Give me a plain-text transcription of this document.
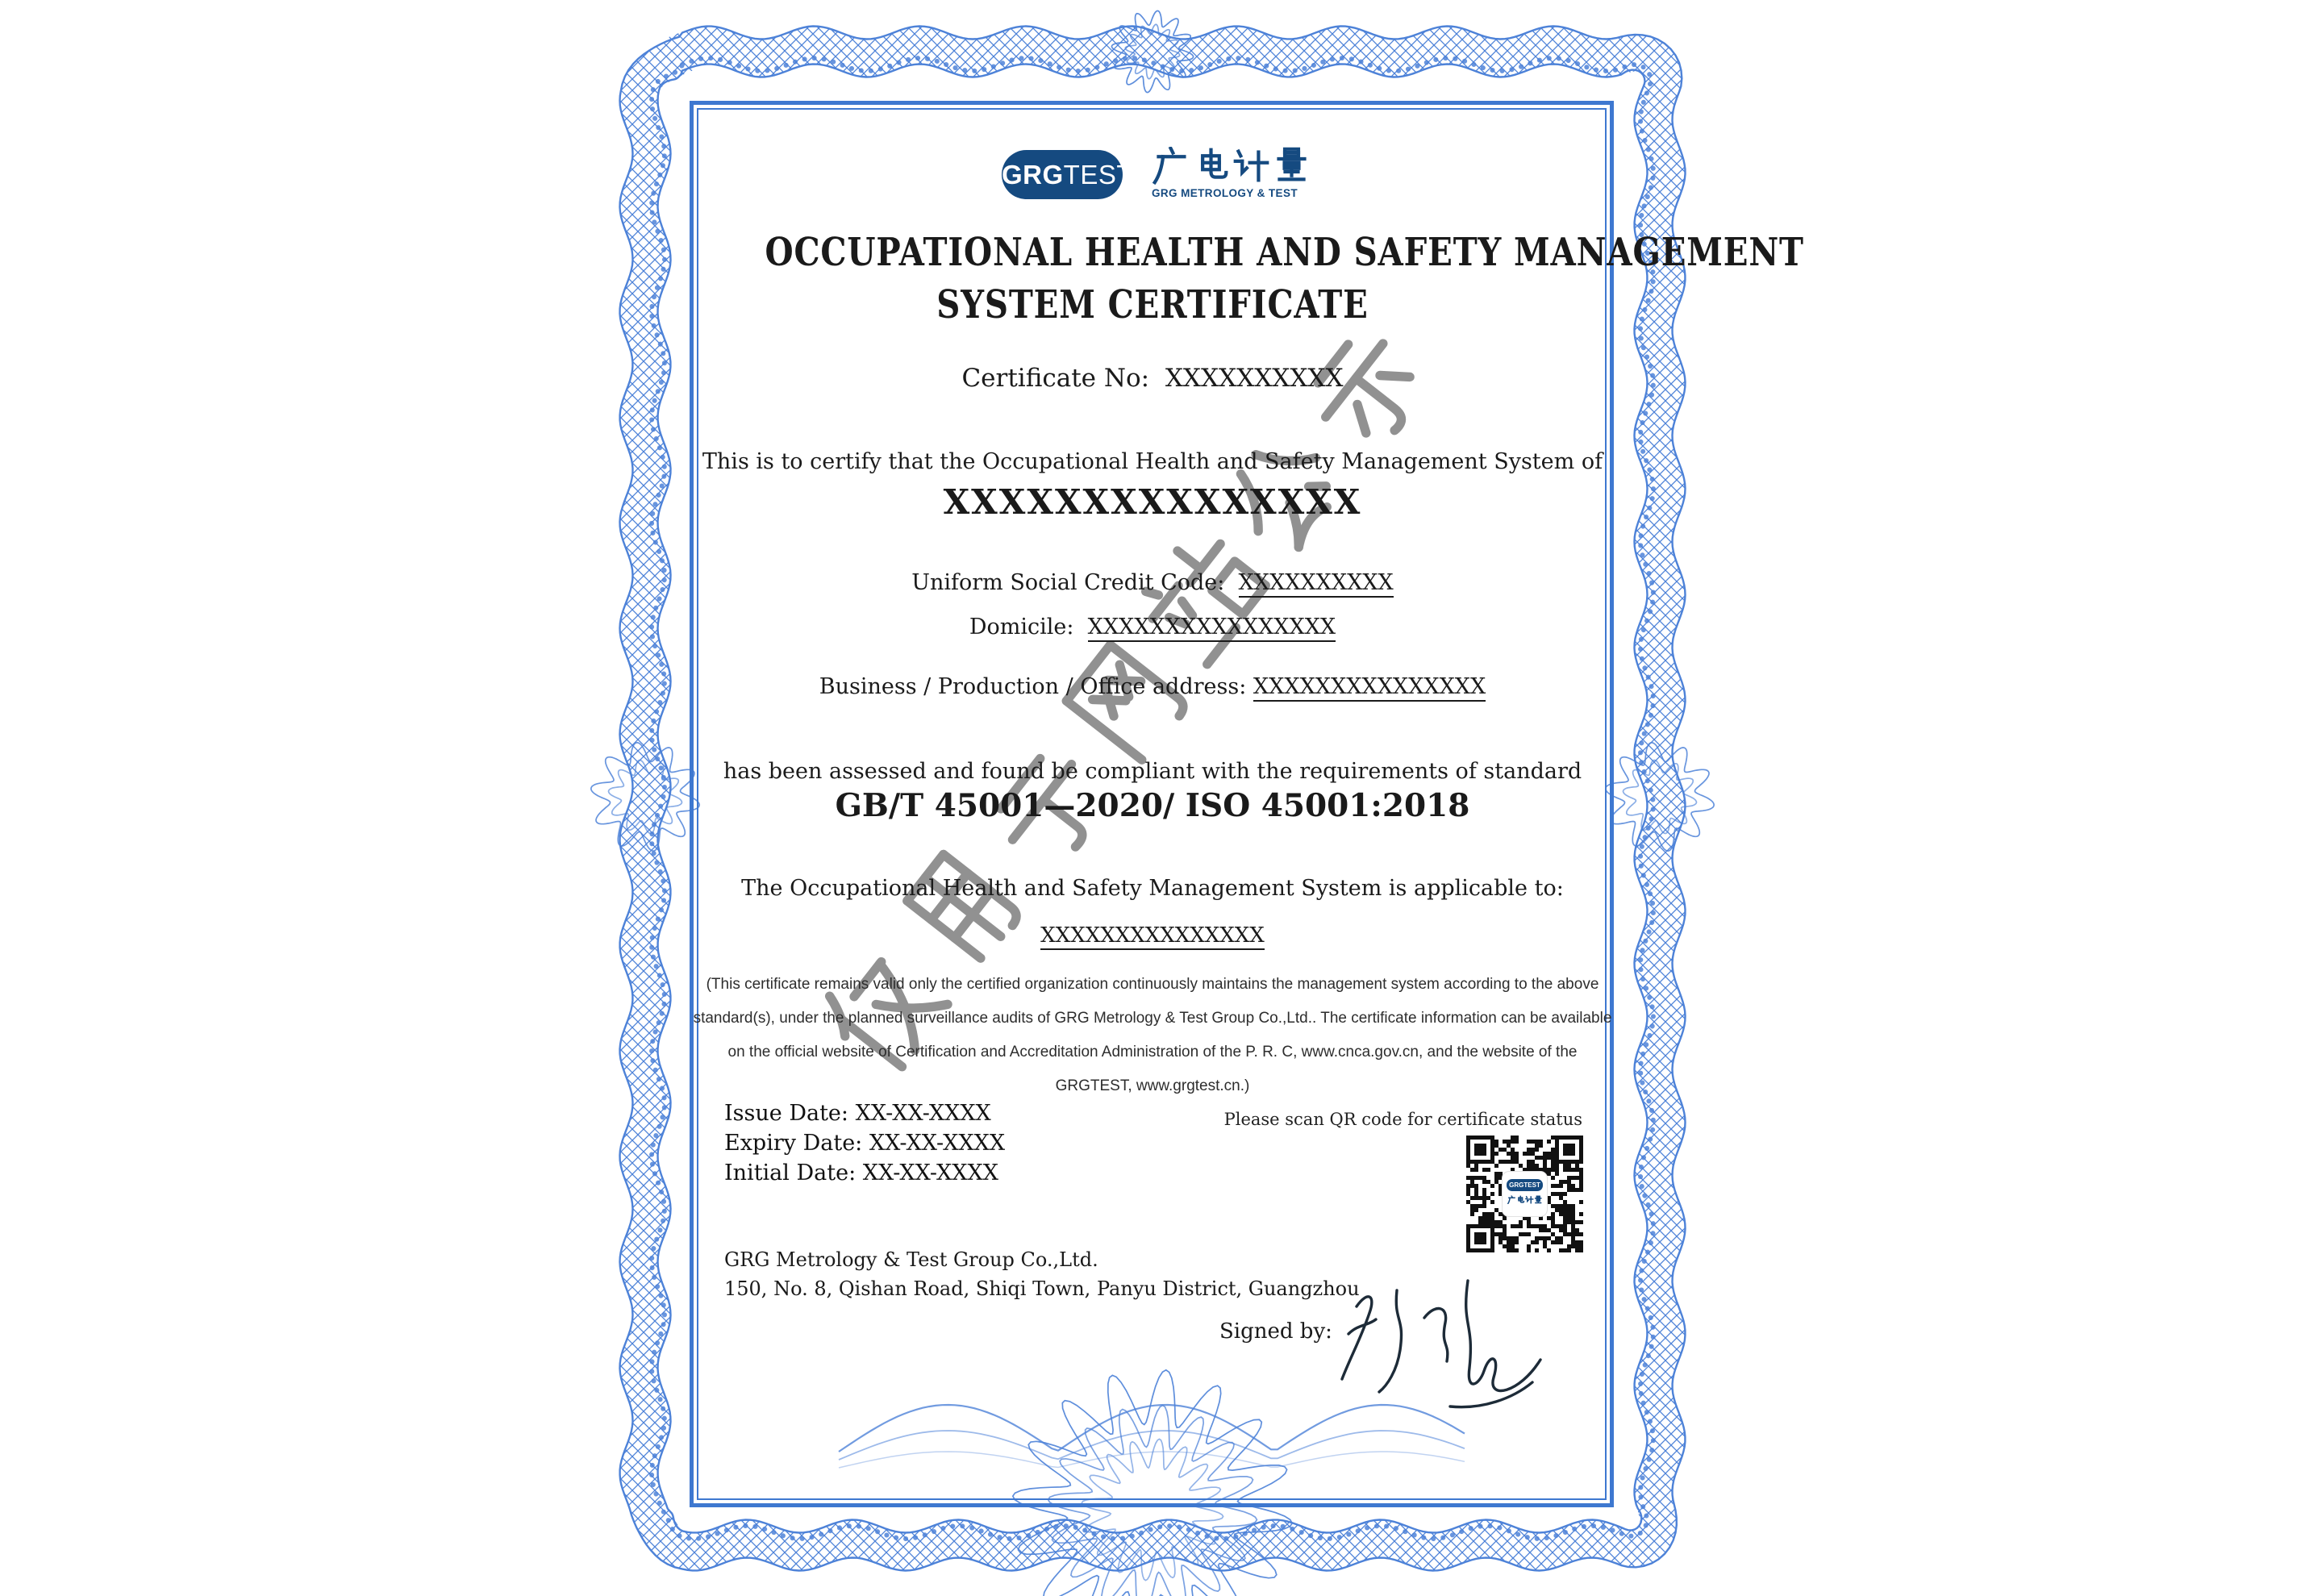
GRGTEST
GRG METROLOGY & TEST
OCCUPATIONAL HEALTH AND SAFETY MANAGEMENT
SYSTEM CERTIFICATE
Certificate No: XXXXXXXXXX
This is to certify that the Occupational Health and Safety Management System of
XXXXXXXXXXXXXXX
Uniform Social Credit Code: XXXXXXXXXX
Domicile: XXXXXXXXXXXXXXXX
Business / Production / Office address: XXXXXXXXXXXXXXX
has been assessed and found be compliant with the requirements of standard
GB/T 45001—2020/ ISO 45001:2018
The Occupational Health and Safety Management System is applicable to:
XXXXXXXXXXXXXXX

(This certificate remains valid only the certified organization continuously maintains the management system according to the above

standard(s), under the planned surveillance audits of GRG Metrology & Test Group Co.,Ltd.. The certificate information can be available

on the official website of Certification and Accreditation Administration of the P. R. C, www.cnca.gov.cn, and the website of the

GRGTEST, www.grgtest.cn.)

Issue Date: XX-XX-XXXX
Expiry Date: XX-XX-XXXX
Initial Date: XX-XX-XXXX
Please scan QR code for certificate status
GRGTEST
GRG Metrology & Test Group Co.,Ltd.
150, No. 8, Qishan Road, Shiqi Town, Panyu District, Guangzhou
Signed by:
